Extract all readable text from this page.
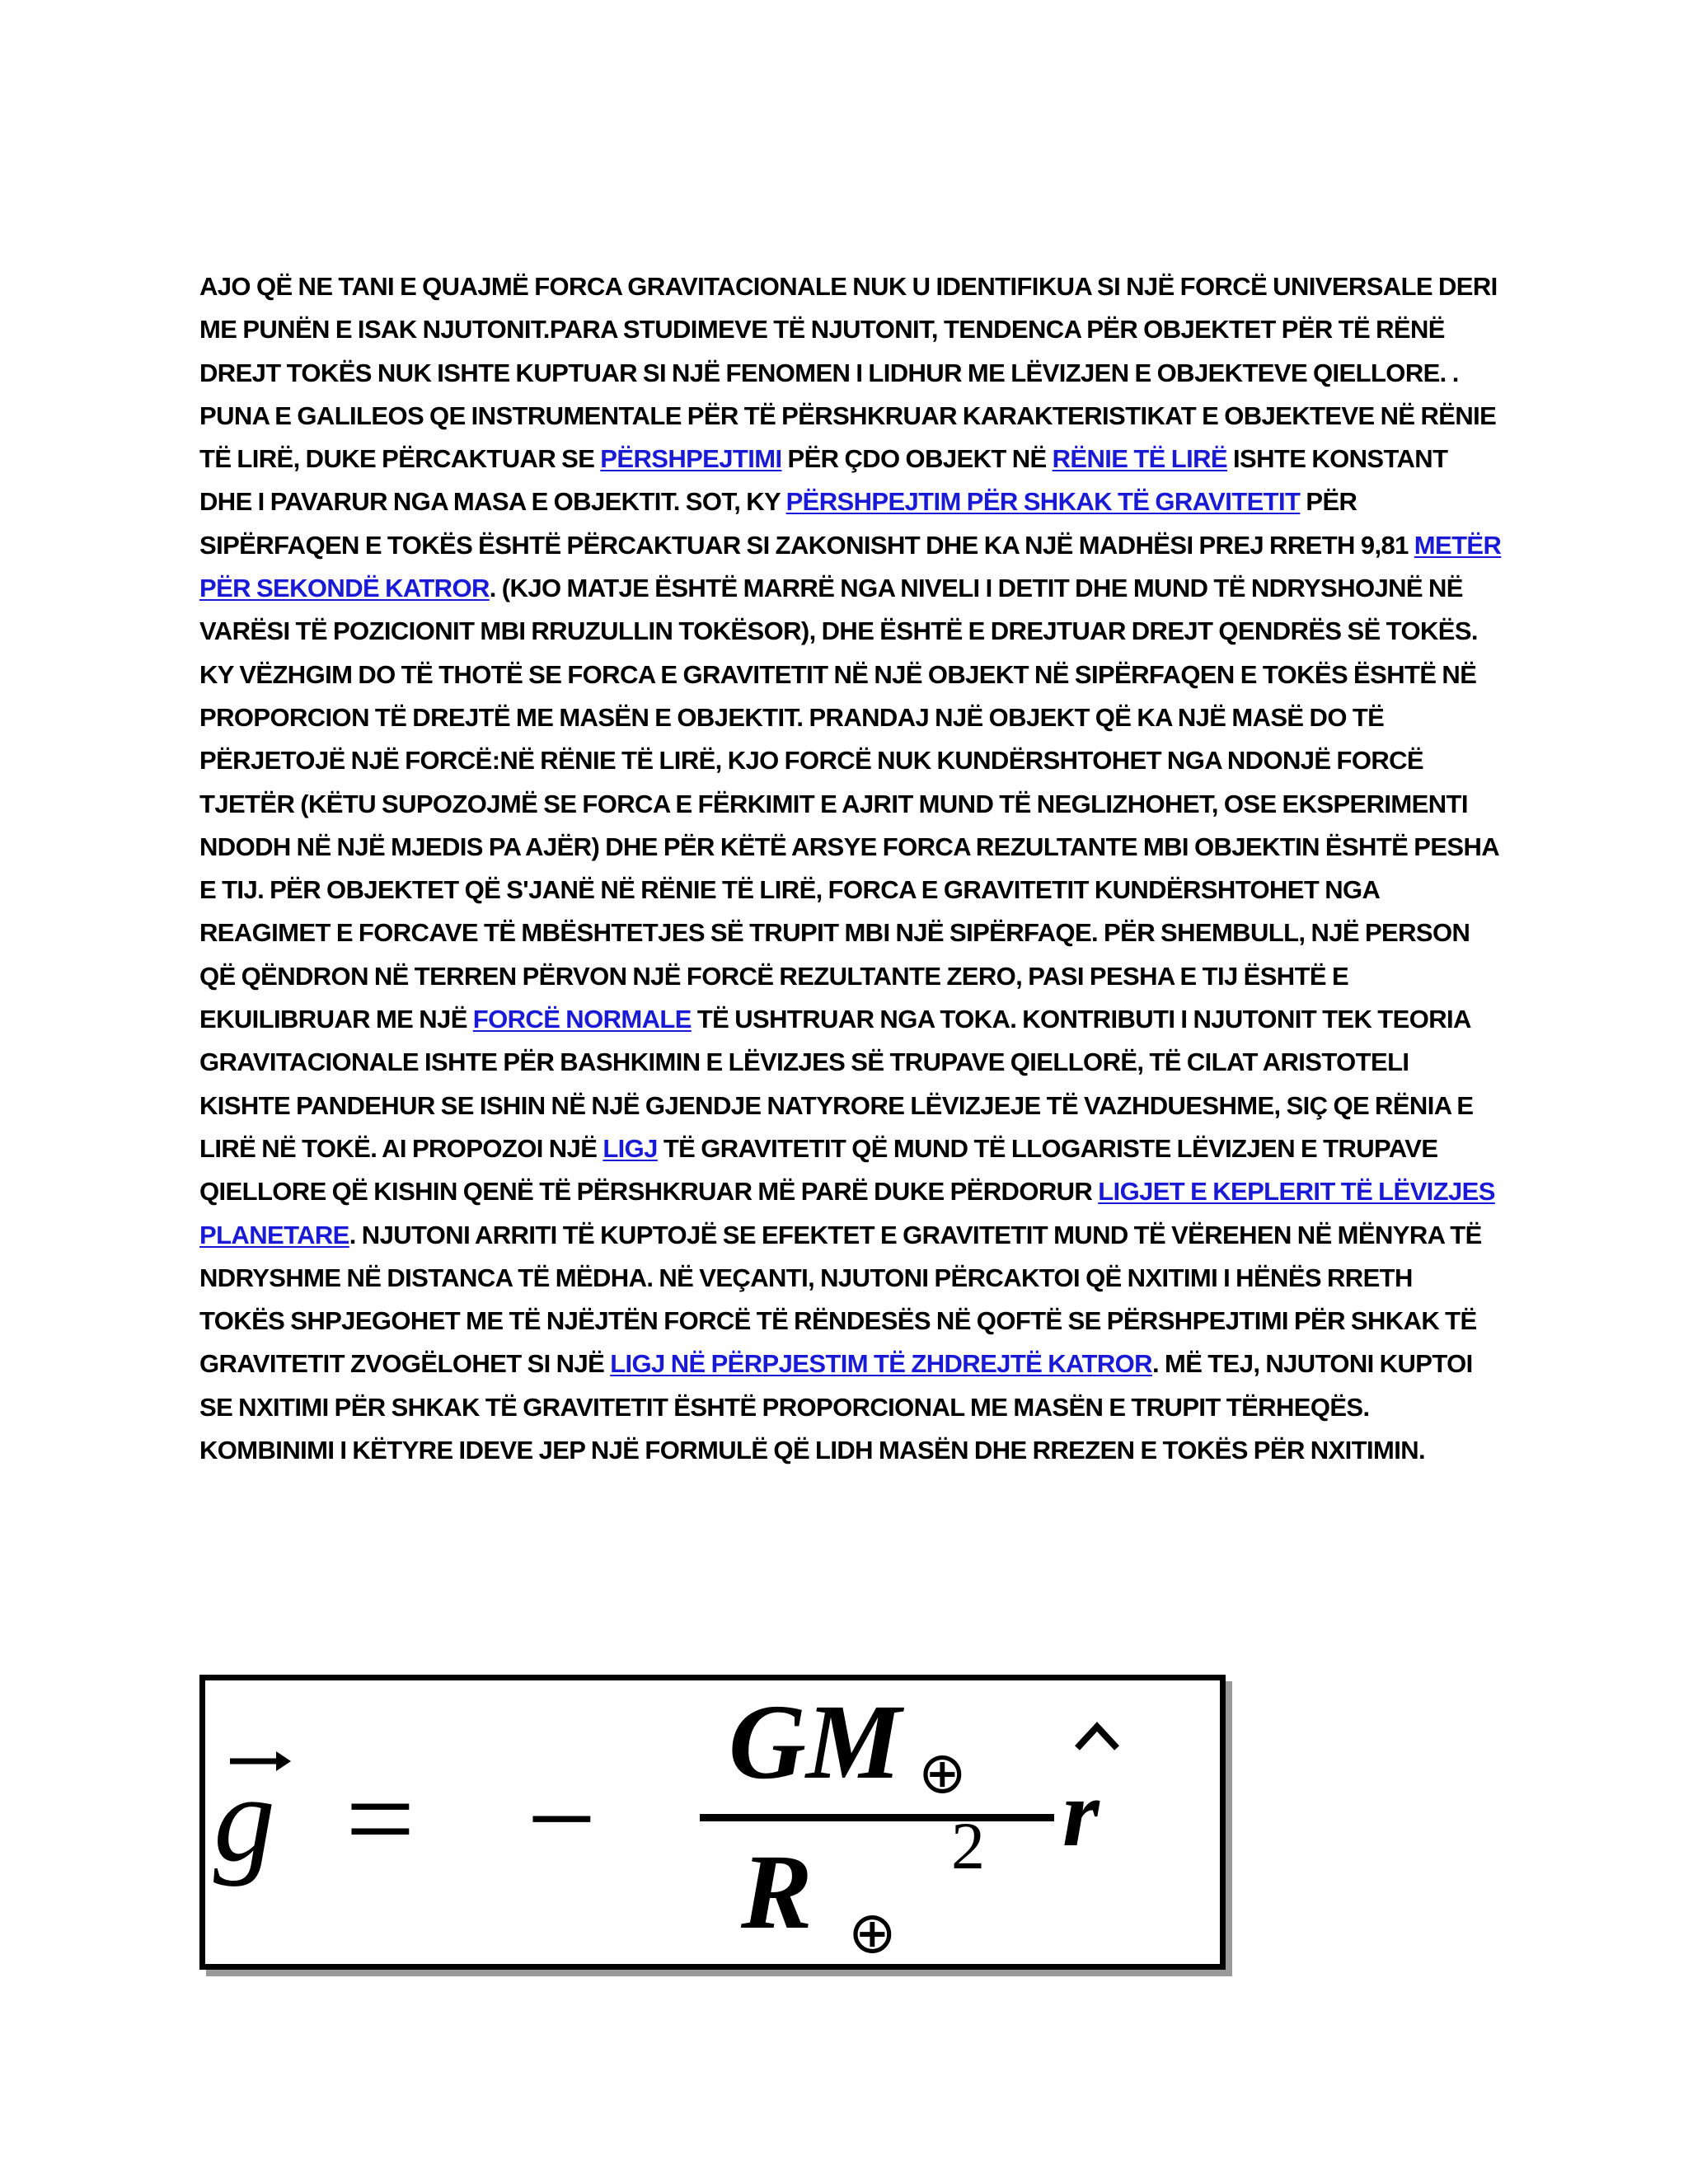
AJO QË NE TANI E QUAJMË FORCA GRAVITACIONALE NUK U IDENTIFIKUA SI NJË FORCË UNIVERSALE DERI ME PUNËN E ISAK NJUTONIT.PARA STUDIMEVE TË NJUTONIT, TENDENCA PËR OBJEKTET PËR TË RËNË DREJT TOKËS NUK ISHTE KUPTUAR SI NJË FENOMEN I LIDHUR ME LËVIZJEN E OBJEKTEVE QIELLORE. . PUNA E GALILEOS QE INSTRUMENTALE PËR TË PËRSHKRUAR KARAKTERISTIKAT E OBJEKTEVE NË RËNIE TË LIRË, DUKE PËRCAKTUAR SE PËRSHPEJTIMI PËR ÇDO OBJEKT NË RËNIE TË LIRË ISHTE KONSTANT DHE I PAVARUR NGA MASA E OBJEKTIT. SOT, KY PËRSHPEJTIM PËR SHKAK TË GRAVITETIT PËR SIPËRFAQEN E TOKËS ËSHTË PËRCAKTUAR SI ZAKONISHT DHE KA NJË MADHËSI PREJ RRETH 9,81 METËR PËR SEKONDË KATROR. (KJO MATJE ËSHTË MARRË NGA NIVELI I DETIT DHE MUND TË NDRYSHOJNË NË VARËSI TË POZICIONIT MBI RRUZULLIN TOKËSOR), DHE ËSHTË E DREJTUAR DREJT QENDRËS SË TOKËS. KY VËZHGIM DO TË THOTË SE FORCA E GRAVITETIT NË NJË OBJEKT NË SIPËRFAQEN E TOKËS ËSHTË NË PROPORCION TË DREJTË ME MASËN E OBJEKTIT. PRANDAJ NJË OBJEKT QË KA NJË MASË DO TË PËRJETOJË NJË FORCË:NË RËNIE TË LIRË, KJO FORCË NUK KUNDËRSHTOHET NGA NDONJË FORCË TJETËR (KËTU SUPOZOJMË SE FORCA E FËRKIMIT E AJRIT MUND TË NEGLIZHOHET, OSE EKSPERIMENTI NDODH NË NJË MJEDIS PA AJËR) DHE PËR KËTË ARSYE FORCA REZULTANTE MBI OBJEKTIN ËSHTË PESHA E TIJ. PËR OBJEKTET QË S'JANË NË RËNIE TË LIRË, FORCA E GRAVITETIT KUNDËRSHTOHET NGA REAGIMET E FORCAVE TË MBËSHTETJES SË TRUPIT MBI NJË SIPËRFAQE. PËR SHEMBULL, NJË PERSON QË QËNDRON NË TERREN PËRVON NJË FORCË REZULTANTE ZERO, PASI PESHA E TIJ ËSHTË E EKUILIBRUAR ME NJË FORCË NORMALE TË USHTRUAR NGA TOKA. KONTRIBUTI I NJUTONIT TEK TEORIA GRAVITACIONALE ISHTE PËR BASHKIMIN E LËVIZJES SË TRUPAVE QIELLORË, TË CILAT ARISTOTELI KISHTE PANDEHUR SE ISHIN NË NJË GJENDJE NATYRORE LËVIZJEJE TË VAZHDUESHME, SIÇ QE RËNIA E LIRË NË TOKË. AI PROPOZOI NJË LIGJ TË GRAVITETIT QË MUND TË LLOGARISTE LËVIZJEN E TRUPAVE QIELLORE QË KISHIN QENË TË PËRSHKRUAR MË PARË DUKE PËRDORUR LIGJET E KEPLERIT TË LËVIZJES PLANETARE. NJUTONI ARRITI TË KUPTOJË SE EFEKTET E GRAVITETIT MUND TË VËREHEN NË MËNYRA TË NDRYSHME NË DISTANCA TË MËDHA. NË VEÇANTI, NJUTONI PËRCAKTOI QË NXITIMI I HËNËS RRETH TOKËS SHPJEGOHET ME TË NJËJTËN FORCË TË RËNDESËS NË QOFTË SE PËRSHPEJTIMI PËR SHKAK TË GRAVITETIT ZVOGËLOHET SI NJË LIGJ NË PËRPJESTIM TË ZHDREJTË KATROR. MË TEJ, NJUTONI KUPTOI SE NXITIMI PËR SHKAK TË GRAVITETIT ËSHTË PROPORCIONAL ME MASËN E TRUPIT TËRHEQËS. KOMBINIMI I KËTYRE IDEVE JEP NJË FORMULË QË LIDH MASËN DHE RREZEN E TOKËS PËR NXITIMIN.

g = −
GM ⊕
R ⊕
2 r
